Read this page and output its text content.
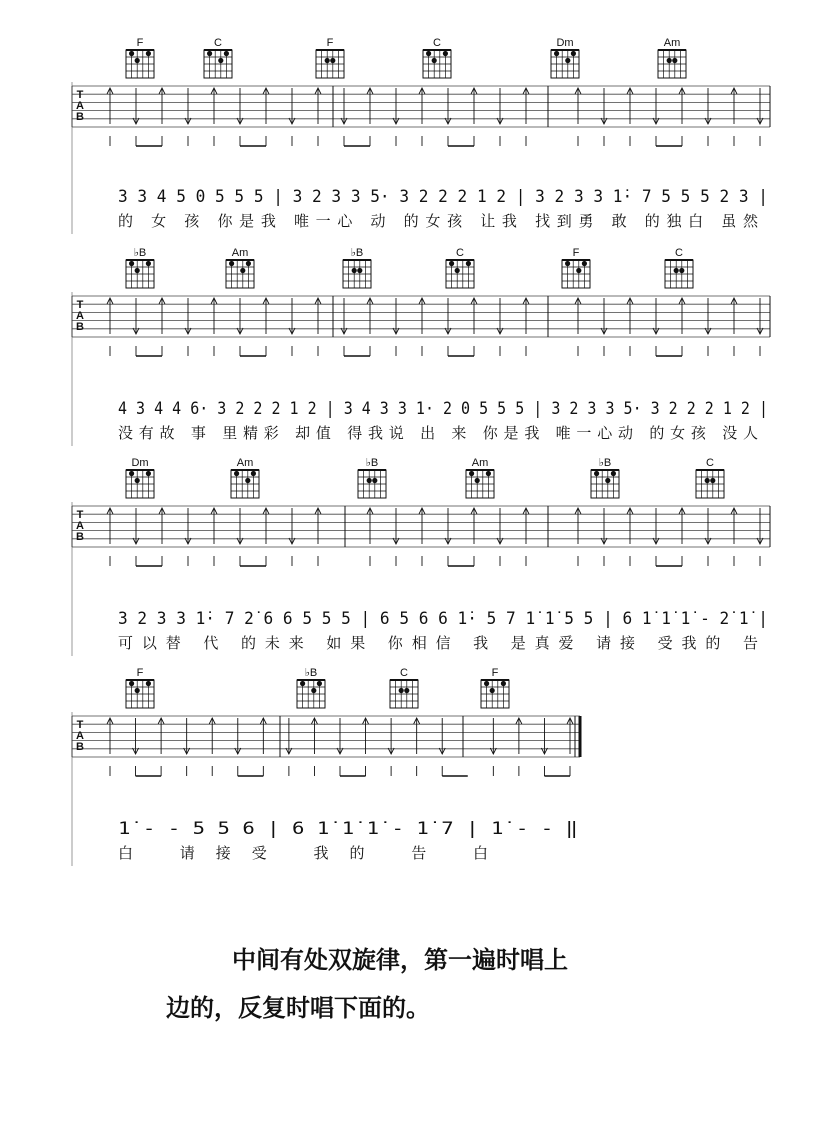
F	C	F	C	Dm	Am
T
A
B
3 3 4 5 0 5 5 5 | 3 2 3 3 5· 3 2 2 2 1 2 | 3 2 3 3 1̇· 7 5 5 5 2 3 |
的 女 孩 你是我 唯一心 动 的女孩 让我 找到勇 敢 的独白 虽然
♭B	Am	♭B	C	F	C
T
A
B
4 3 4 4 6· 3 2 2 2 1 2 | 3 4 3 3 1· 2 0 5 5 5 | 3 2 3 3 5· 3 2 2 2 1 2 |
没有故 事 里精彩 却值 得我说 出 来 你是我 唯一心动 的女孩 没人
Dm	Am	♭B	Am	♭B	C
T
A
B
3 2 3 3 1̇· 7 2̇ 6 6 5 5 5 | 6 5 6 6 1̇· 5 7 1̇ 1̇ 5 5 | 6 1̇ 1̇ 1̇ - 2̇ 1̇ |
可以替 代 的未来 如果 你相信 我 是真爱 请接 受我的 告
F	♭B	C	F
T
A
B
1̇ - - 5 5 6 | 6 1̇ 1̇ 1̇ - 1̇ 7 | 1̇ - - ‖
白 请接受 我的 告 白
中间有处双旋律，第一遍时唱上
边的，反复时唱下面的。
